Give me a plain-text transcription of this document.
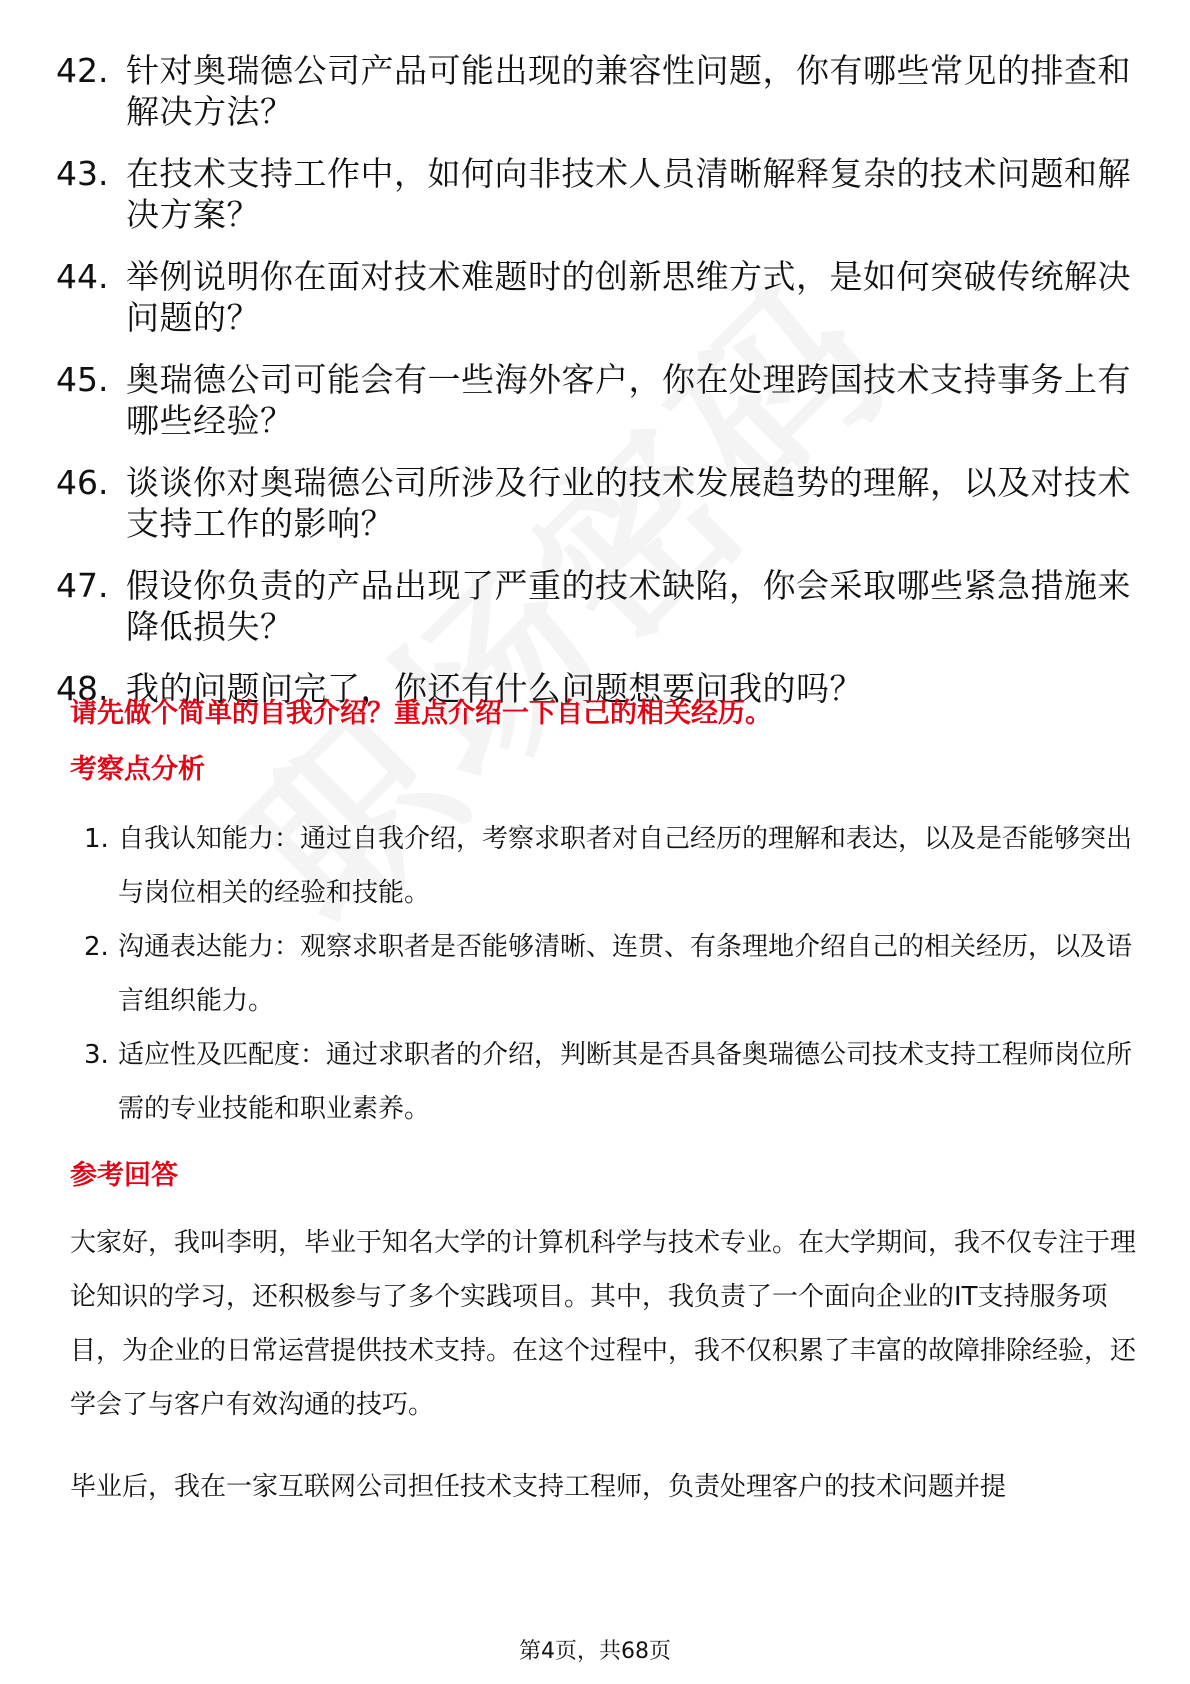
42. 针对奥瑞德公司产品可能出现的兼容性问题，你有哪些常见的排查和解决方法？
43. 在技术支持工作中，如何向非技术人员清晰解释复杂的技术问题和解决方案？
44. 举例说明你在面对技术难题时的创新思维方式，是如何突破传统解决问题的？
45. 奥瑞德公司可能会有一些海外客户，你在处理跨国技术支持事务上有哪些经验？
46. 谈谈你对奥瑞德公司所涉及行业的技术发展趋势的理解，以及对技术支持工作的影响？
47. 假设你负责的产品出现了严重的技术缺陷，你会采取哪些紧急措施来降低损失？
48. 我的问题问完了，你还有什么问题想要问我的吗？
请先做个简单的自我介绍？重点介绍一下自己的相关经历。
考察点分析
1. 自我认知能力：通过自我介绍，考察求职者对自己经历的理解和表达，以及是否能够突出与岗位相关的经验和技能。
2. 沟通表达能力：观察求职者是否能够清晰、连贯、有条理地介绍自己的相关经历，以及语言组织能力。
3. 适应性及匹配度：通过求职者的介绍，判断其是否具备奥瑞德公司技术支持工程师岗位所需的专业技能和职业素养。
参考回答

大家好，我叫李明，毕业于知名大学的计算机科学与技术专业。在大学期间，我不仅专注于理论知识的学习，还积极参与了多个实践项目。其中，我负责了一个面向企业的IT支持服务项目，为企业的日常运营提供技术支持。在这个过程中，我不仅积累了丰富的故障排除经验，还学会了与客户有效沟通的技巧。

毕业后，我在一家互联网公司担任技术支持工程师，负责处理客户的技术问题并提

第4页，共68页
